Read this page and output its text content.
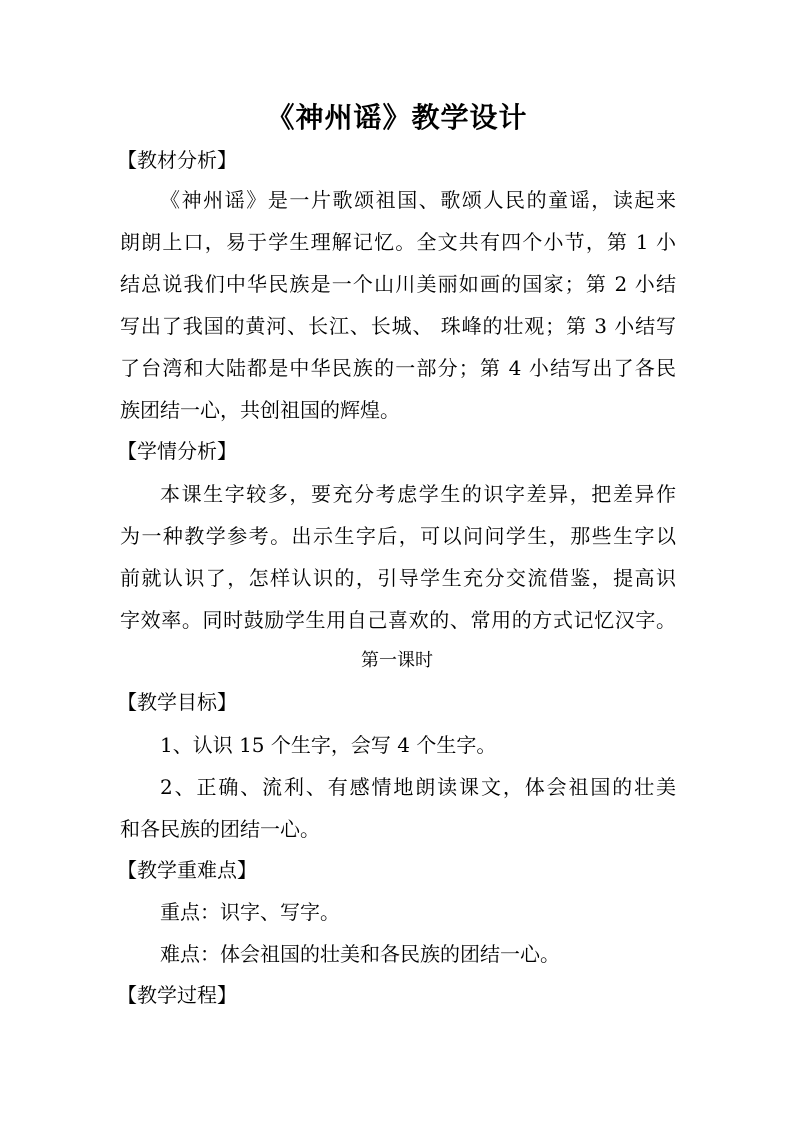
《神州谣》教学设计
【教材分析】
《神州谣》是一片歌颂祖国、歌颂人民的童谣，读起来
朗朗上口，易于学生理解记忆。全文共有四个小节，第 1 小
结总说我们中华民族是一个山川美丽如画的国家；第 2 小结
写出了我国的黄河、长江、长城、 珠峰的壮观；第 3 小结写
了台湾和大陆都是中华民族的一部分；第 4 小结写出了各民
族团结一心，共创祖国的辉煌。
【学情分析】
本课生字较多，要充分考虑学生的识字差异，把差异作
为一种教学参考。出示生字后，可以问问学生，那些生字以
前就认识了，怎样认识的，引导学生充分交流借鉴，提高识
字效率。同时鼓励学生用自己喜欢的、常用的方式记忆汉字。
第一课时
【教学目标】
1、认识 15 个生字，会写 4 个生字。
2、正确、流利、有感情地朗读课文，体会祖国的壮美
和各民族的团结一心。
【教学重难点】
重点：识字、写字。
难点：体会祖国的壮美和各民族的团结一心。
【教学过程】
